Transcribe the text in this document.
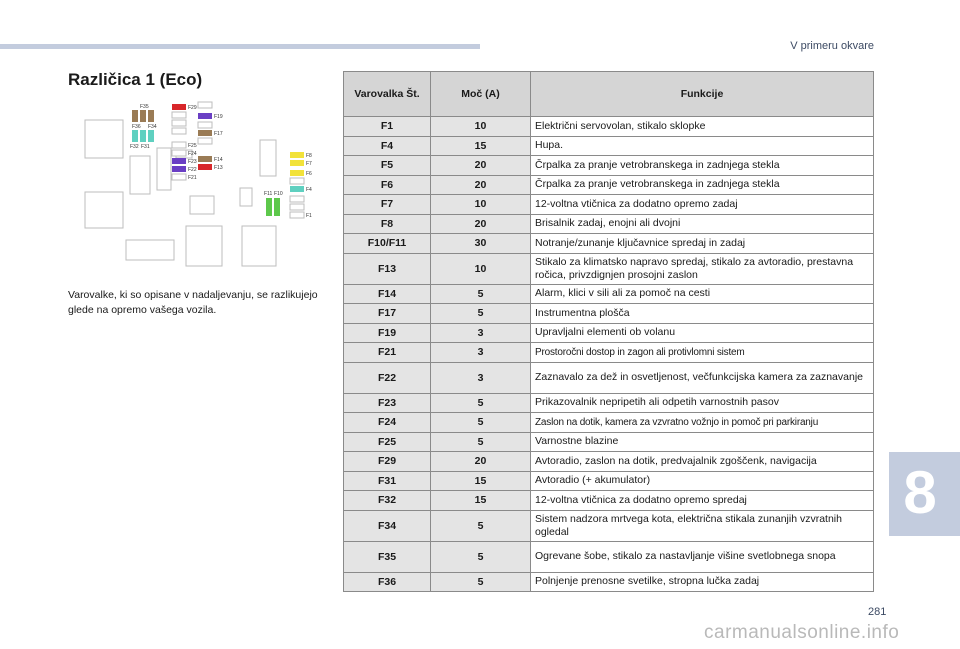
V primeru okvare
Različica 1 (Eco)
F35
F36 F34
F32 F31
F29
F19
F17
F25
F24
F23
F22
F21
F14
F13
F11 F10
F8
F7
F6
F4
F1
Varovalke, ki so opisane v nadaljevanju, se razlikujejo glede na opremo vašega vozila.
Varovalka Št.	Moč (A)	Funkcije
F1	10	Električni servovolan, stikalo sklopke
F4	15	Hupa.
F5	20	Črpalka za pranje vetrobranskega in zadnjega stekla
F6	20	Črpalka za pranje vetrobranskega in zadnjega stekla
F7	10	12-voltna vtičnica za dodatno opremo zadaj
F8	20	Brisalnik zadaj, enojni ali dvojni
F10/F11	30	Notranje/zunanje ključavnice spredaj in zadaj
F13	10	Stikalo za klimatsko napravo spredaj, stikalo za avtoradio, prestavna ročica, privzdignjen prosojni zaslon
F14	5	Alarm, klici v sili ali za pomoč na cesti
F17	5	Instrumentna plošča
F19	3	Upravljalni elementi ob volanu
F21	3	Prostoročni dostop in zagon ali protivlomni sistem
F22	3	Zaznavalo za dež in osvetljenost, večfunkcijska kamera za zaznavanje
F23	5	Prikazovalnik nepripetih ali odpetih varnostnih pasov
F24	5	Zaslon na dotik, kamera za vzvratno vožnjo in pomoč pri parkiranju
F25	5	Varnostne blazine
F29	20	Avtoradio, zaslon na dotik, predvajalnik zgoščenk, navigacija
F31	15	Avtoradio (+ akumulator)
F32	15	12-voltna vtičnica za dodatno opremo spredaj
F34	5	Sistem nadzora mrtvega kota, električna stikala zunanjih vzvratnih ogledal
F35	5	Ogrevane šobe, stikalo za nastavljanje višine svetlobnega snopa
F36	5	Polnjenje prenosne svetilke, stropna lučka zadaj
8
281
carmanualsonline.info
